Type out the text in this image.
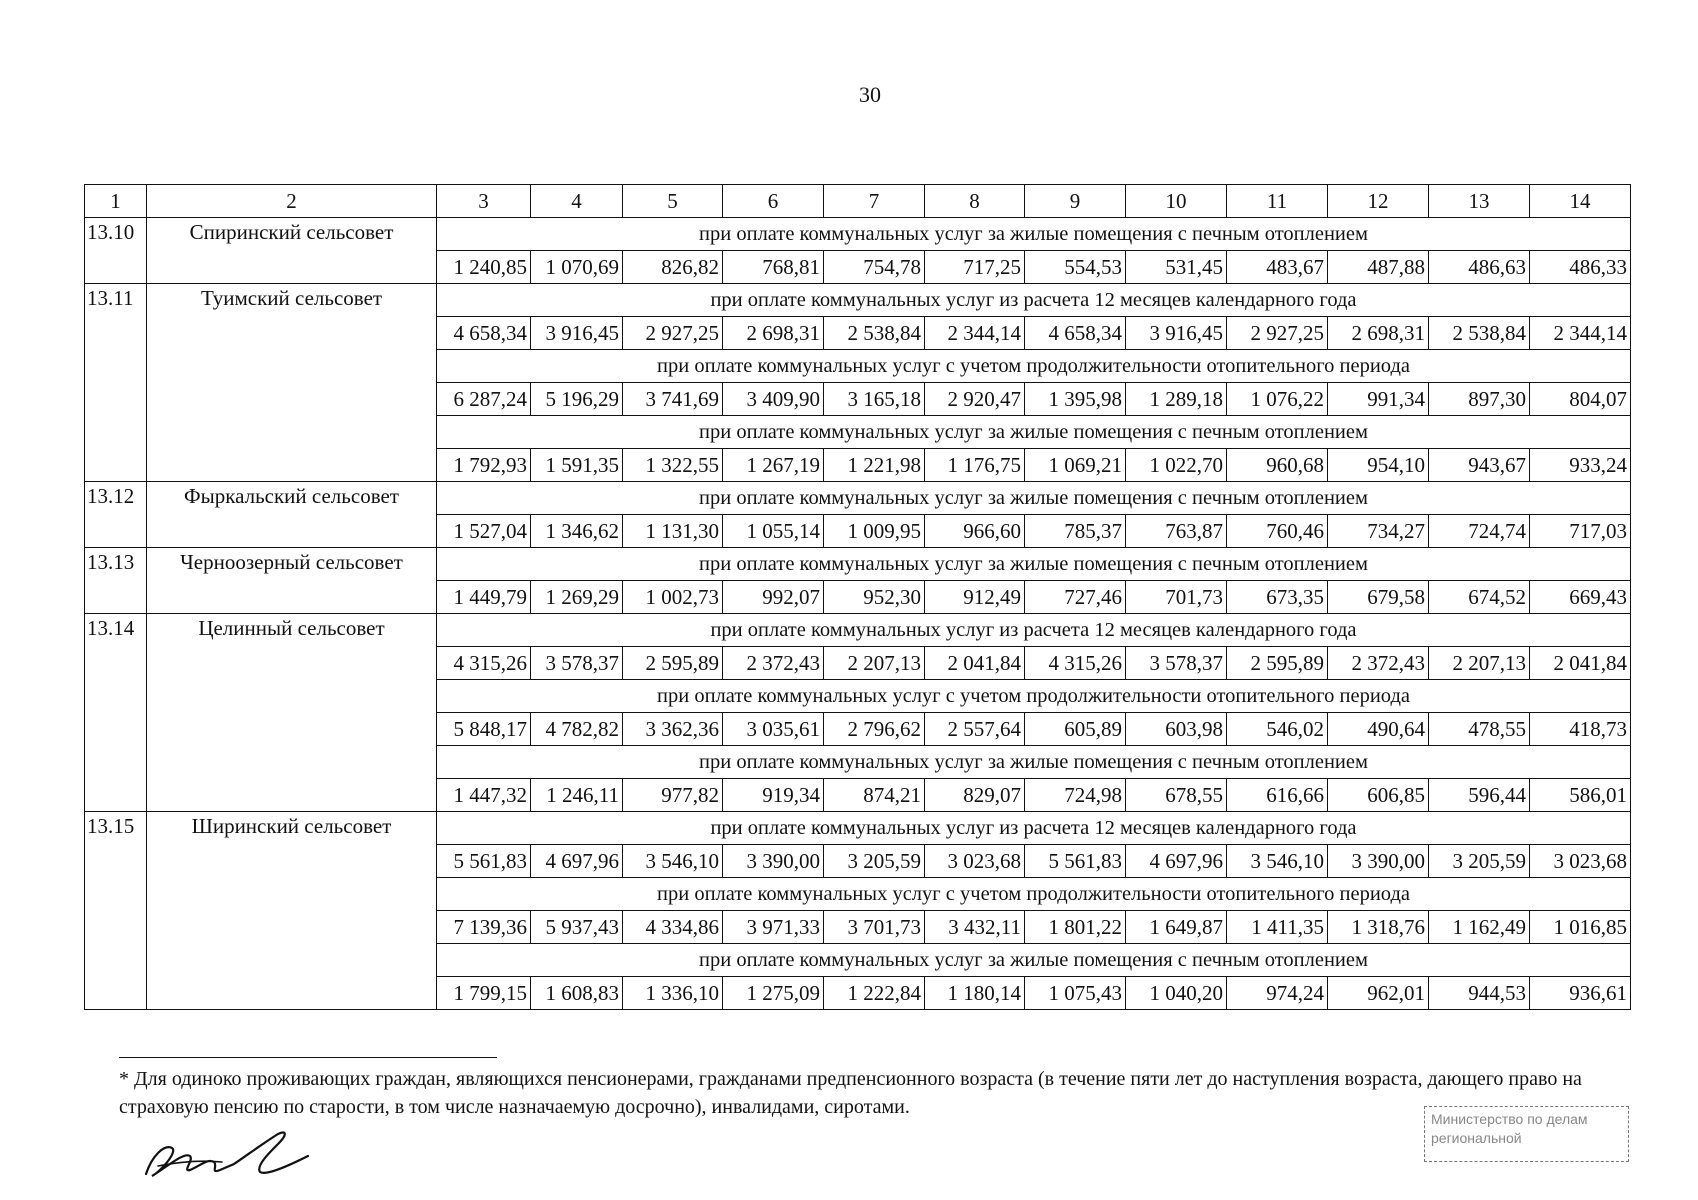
30
1	2	3	4	5	6	7	8	9	10	11	12	13	14
13.10	Спиринский сельсовет	при оплате коммунальных услуг за жилые помещения с печным отоплением											
		1 240,85	1 070,69	826,82	768,81	754,78	717,25	554,53	531,45	483,67	487,88	486,63	486,33
13.11	Туимский сельсовет	при оплате коммунальных услуг из расчета 12 месяцев календарного года											
		4 658,34	3 916,45	2 927,25	2 698,31	2 538,84	2 344,14	4 658,34	3 916,45	2 927,25	2 698,31	2 538,84	2 344,14
		при оплате коммунальных услуг с учетом продолжительности отопительного периода											
		6 287,24	5 196,29	3 741,69	3 409,90	3 165,18	2 920,47	1 395,98	1 289,18	1 076,22	991,34	897,30	804,07
		при оплате коммунальных услуг за жилые помещения с печным отоплением											
		1 792,93	1 591,35	1 322,55	1 267,19	1 221,98	1 176,75	1 069,21	1 022,70	960,68	954,10	943,67	933,24
13.12	Фыркальский сельсовет	при оплате коммунальных услуг за жилые помещения с печным отоплением											
		1 527,04	1 346,62	1 131,30	1 055,14	1 009,95	966,60	785,37	763,87	760,46	734,27	724,74	717,03
13.13	Черноозерный сельсовет	при оплате коммунальных услуг за жилые помещения с печным отоплением											
		1 449,79	1 269,29	1 002,73	992,07	952,30	912,49	727,46	701,73	673,35	679,58	674,52	669,43
13.14	Целинный сельсовет	при оплате коммунальных услуг из расчета 12 месяцев календарного года											
		4 315,26	3 578,37	2 595,89	2 372,43	2 207,13	2 041,84	4 315,26	3 578,37	2 595,89	2 372,43	2 207,13	2 041,84
		при оплате коммунальных услуг с учетом продолжительности отопительного периода											
		5 848,17	4 782,82	3 362,36	3 035,61	2 796,62	2 557,64	605,89	603,98	546,02	490,64	478,55	418,73
		при оплате коммунальных услуг за жилые помещения с печным отоплением											
		1 447,32	1 246,11	977,82	919,34	874,21	829,07	724,98	678,55	616,66	606,85	596,44	586,01
13.15	Ширинский сельсовет	при оплате коммунальных услуг из расчета 12 месяцев календарного года											
		5 561,83	4 697,96	3 546,10	3 390,00	3 205,59	3 023,68	5 561,83	4 697,96	3 546,10	3 390,00	3 205,59	3 023,68
		при оплате коммунальных услуг с учетом продолжительности отопительного периода											
		7 139,36	5 937,43	4 334,86	3 971,33	3 701,73	3 432,11	1 801,22	1 649,87	1 411,35	1 318,76	1 162,49	1 016,85
		при оплате коммунальных услуг за жилые помещения с печным отоплением											
		1 799,15	1 608,83	1 336,10	1 275,09	1 222,84	1 180,14	1 075,43	1 040,20	974,24	962,01	944,53	936,61
* Для одиноко проживающих граждан, являющихся пенсионерами, гражданами предпенсионного возраста (в течение пяти лет до наступления возраста, дающего право на страховую пенсию по старости, в том числе назначаемую досрочно), инвалидами, сиротами.
Министерство по делам региональной
